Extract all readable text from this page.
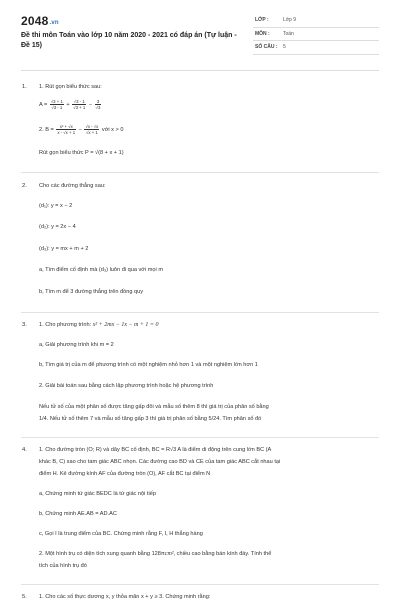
2048.vn
Đề thi môn Toán vào lớp 10 năm 2020 - 2021 có đáp án (Tự luận - Đề 15)
LỚP :	Lớp 9
MÔN :	Toán
SỐ CÂU : 5
1. 1. Rút gọn biểu thức sau:
$A = \frac{√3 + 1}{√3 - 1} + \frac{√3 - 1}{√3 + 1} - \frac{3}{√3}$
2. $B = \frac{\text{x² + √x}}{x - √x + 1} - \frac{√x - √x}{√x + 1}$ với x > 0
Rút gọn biểu thức P = √(8 + x + 1)
2. Cho các đường thẳng sau:
(d₁): y = x − 2
(d₂): y = 2x − 4
(d₃): y = mx + m + 2
a, Tìm điểm cố định mà (d₃) luôn đi qua với mọi m
b, Tìm m để 3 đường thẳng trên đồng quy
3. 1. Cho phương trình: x² + 2mx − 1x − m + 1 = 0
a, Giải phương trình khi m = 2
b, Tìm giá trị của m để phương trình có một nghiệm nhỏ hơn 1 và một nghiệm lớn hơn 1
2. Giải bài toán sau bằng cách lập phương trình hoặc hệ phương trình
Nếu tử số của một phân số được tăng gấp đôi và mẫu số thêm 8 thì giá trị của phân số bằng
1/4. Nếu tử số thêm 7 và mẫu số tăng gấp 3 thì giá trị phân số bằng 5/24. Tìm phân số đó
4. 1. Cho đường tròn (O; R) và dây BC cố định, BC = R√3 A là điểm di động trên cung lớn BC (A
khác B, C) sao cho tam giác ABC nhọn. Các đường cao BD và CE của tam giác ABC cắt nhau tại
điểm H. Kẻ đường kính AF của đường tròn (O), AF cắt BC tại điểm N
a, Chứng minh tứ giác BEDC là tứ giác nội tiếp
b, Chứng minh AE.AB = AD.AC
c, Gọi I là trung điểm của BC. Chứng minh rằng F, I, H thẳng hàng
2. Một hình trụ có diện tích xung quanh bằng 128πcm², chiều cao bằng bán kính đáy. Tính thể
tích của hình trụ đó
5. 1. Cho các số thực dương x, y thỏa mãn x + y ≥ 3. Chứng minh rằng:
